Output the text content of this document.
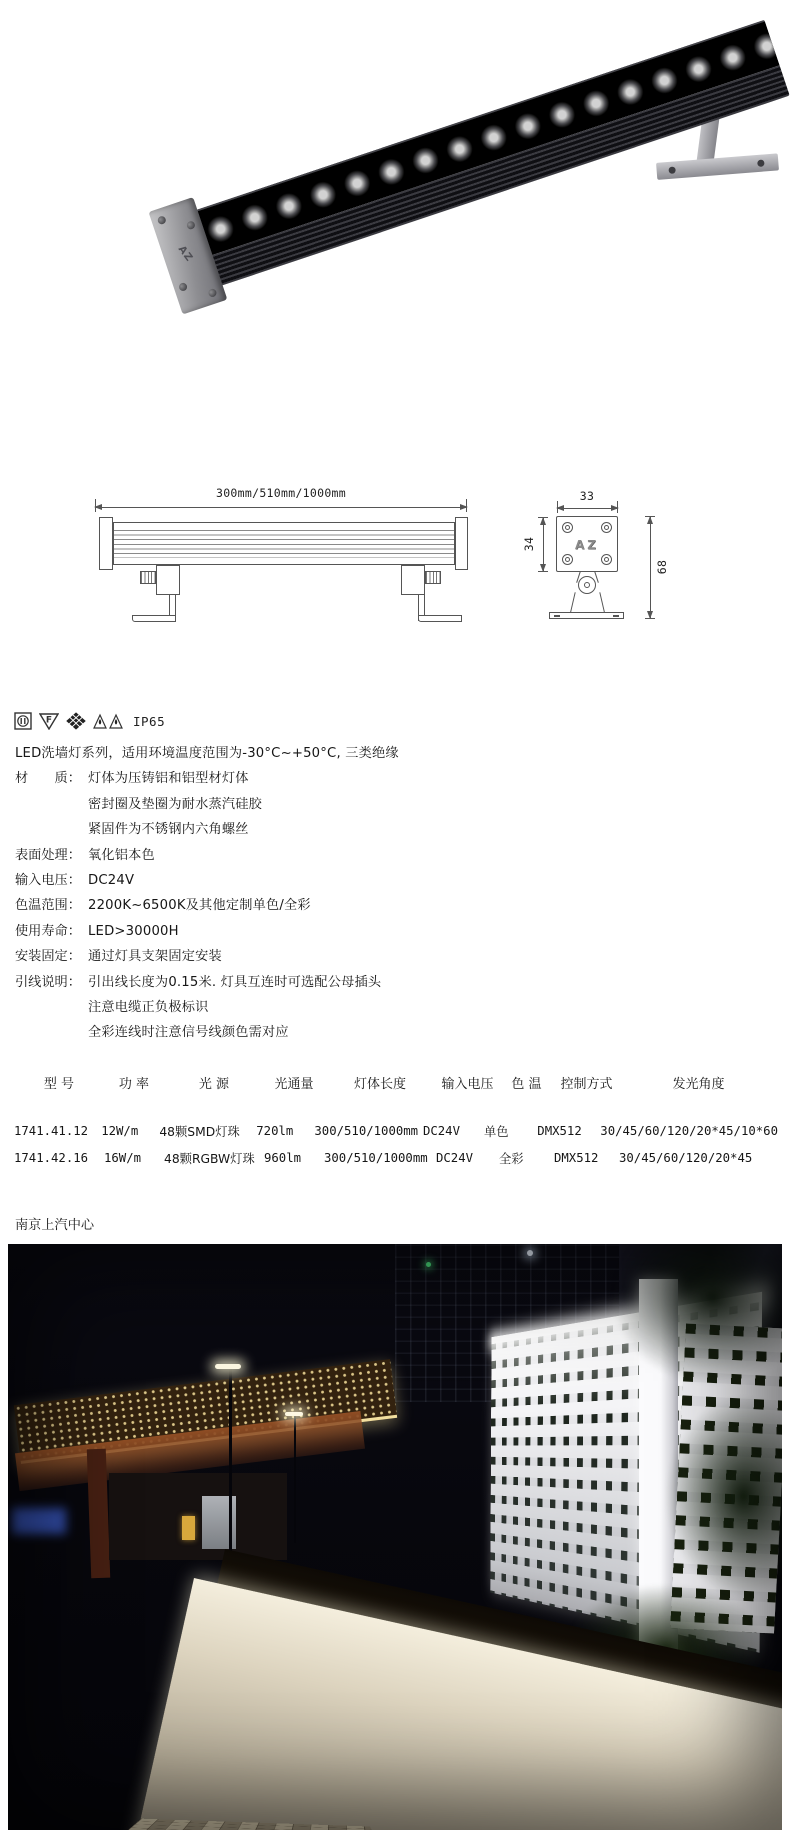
AZ
300mm/510mm/1000mm	33
AZ
34
68
F	IP65
LED洗墙灯系列，适用环境温度范围为-30°C~+50°C, 三类绝缘
材　　质： 灯体为压铸铝和铝型材灯体
密封圈及垫圈为耐水蒸汽硅胶
紧固件为不锈钢内六角螺丝
表面处理： 氧化铝本色
输入电压： DC24V
色温范围： 2200K~6500K及其他定制单色/全彩
使用寿命： LED>30000H
安装固定： 通过灯具支架固定安装
引线说明： 引出线长度为0.15米. 灯具互连时可选配公母插头
注意电缆正负极标识
全彩连线时注意信号线颜色需对应
型 号	功 率	光 源	光通量	灯体长度	输入电压	色 温	控制方式	发光角度
1741.41.12	12W/m	48颗SMD灯珠	720lm	300/510/1000mm DC24V	单色	DMX512	30/45/60/120/20*45/10*60
1741.42.16	16W/m	48颗RGBW灯珠 960lm	300/510/1000mm DC24V	全彩	DMX512	30/45/60/120/20*45
南京上汽中心
